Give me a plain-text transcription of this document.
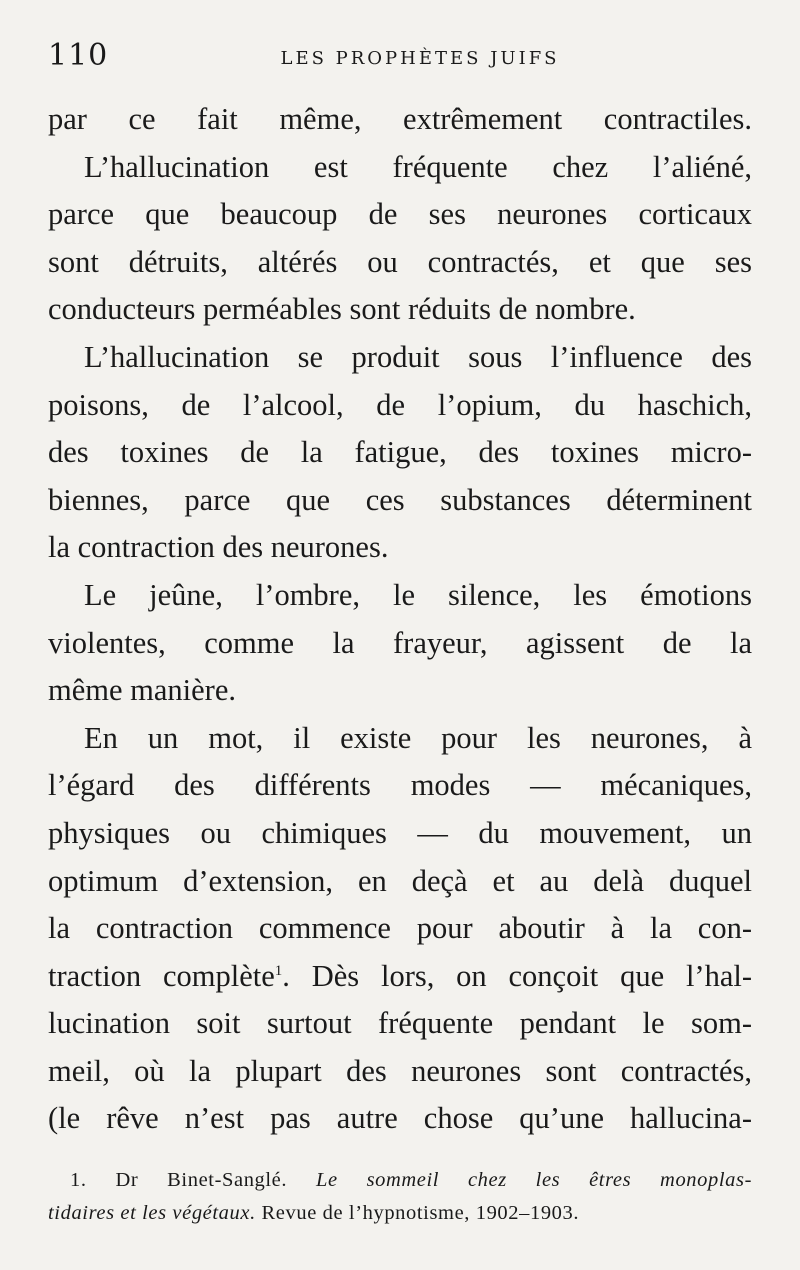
110	LES PROPHÈTES JUIFS
par ce fait même, extrêmement contractiles.
L’hallucination est fréquente chez l’aliéné,
parce que beaucoup de ses neurones corticaux
sont détruits, altérés ou contractés, et que ses
conducteurs perméables sont réduits de nombre.
L’hallucination se produit sous l’influence des
poisons, de l’alcool, de l’opium, du haschich,
des toxines de la fatigue, des toxines micro-
biennes, parce que ces substances déterminent
la contraction des neurones.
Le jeûne, l’ombre, le silence, les émotions
violentes, comme la frayeur, agissent de la
même manière.
En un mot, il existe pour les neurones, à
l’égard des différents modes — mécaniques,
physiques ou chimiques — du mouvement, un
optimum d’extension, en deçà et au delà duquel
la contraction commence pour aboutir à la con-
traction complète$^1$. Dès lors, on conçoit que l’hal-
lucination soit surtout fréquente pendant le som-
meil, où la plupart des neurones sont contractés,
(le rêve n’est pas autre chose qu’une hallucina-
1. Dr Binet-Sanglé. Le sommeil chez les êtres monoplas-
tidaires et les végétaux. Revue de l’hypnotisme, 1902–1903.
